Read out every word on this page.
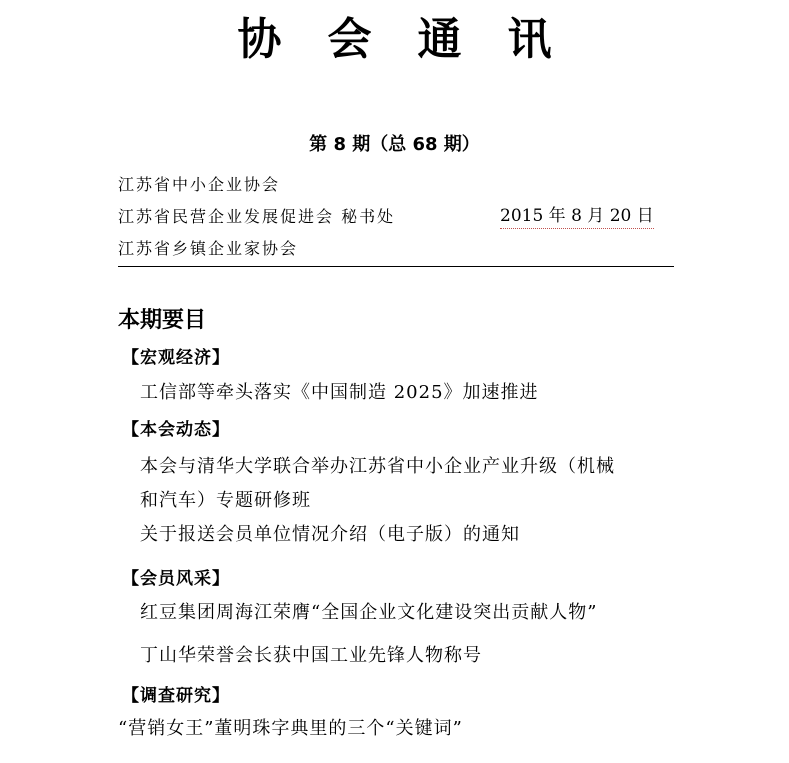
协会通讯
第 8 期（总 68 期）
江苏省中小企业协会
江苏省民营企业发展促进会 秘书处
江苏省乡镇企业家协会
2015 年 8 月 20 日
本期要目
【宏观经济】
工信部等牵头落实《中国制造 2025》加速推进
【本会动态】
本会与清华大学联合举办江苏省中小企业产业升级（机械
和汽车）专题研修班
关于报送会员单位情况介绍（电子版）的通知
【会员风采】
红豆集团周海江荣膺“全国企业文化建设突出贡献人物”
丁山华荣誉会长获中国工业先锋人物称号
【调查研究】
“营销女王”董明珠字典里的三个“关键词”
